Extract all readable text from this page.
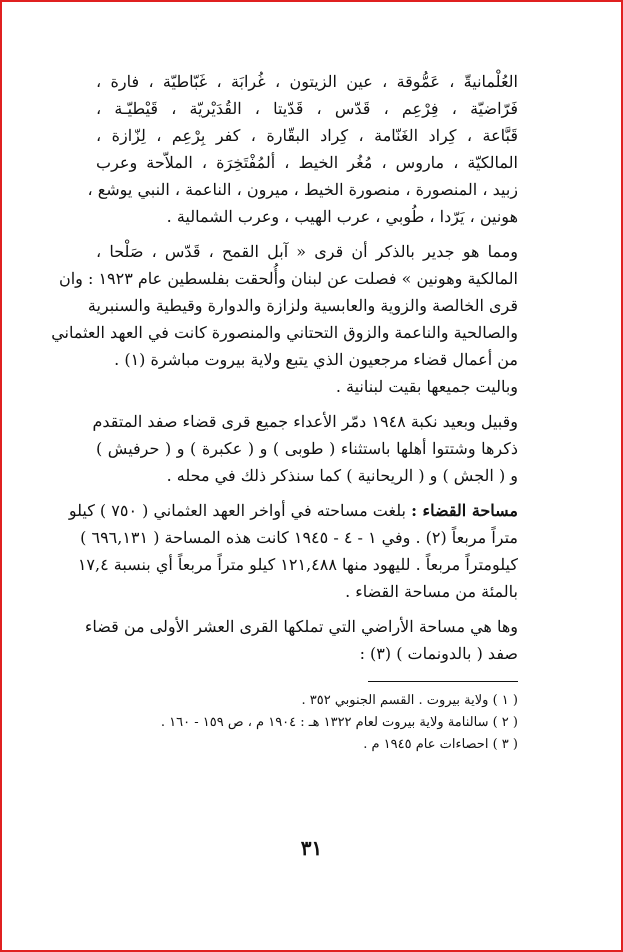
العُلْمانيةّ ، عَمُّوقة ، عين الزيتون ، غُرابَة ، غَبّاطيّة ، فارة ،
فَرّاضيّة ، فِرْعِم ، قَدّس ، قَدّيتا ، القُدَيْريّة ، قَيْطيّـة ،
قَبَّاعة ، كِراد الغَنّامة ، كِراد البقّارة ، كفر بِرْعِم ، لِزّازة ،
المالكيّة ، ماروس ، مُغُر الخيط ، ألمُفْتَخِرَة ، الملاّحة وعرب
زبيد ، المنصورة ، منصورة الخيط ، ميرون ، الناعمة ، النبي يوشع ،
هونين ، يَرّدا ، طُوبي ، عرب الهيب ، وعرب الشمالية .

ومما هو جدير بالذكر أن قرى « آبل القمح ، قَدّس ، صَلْحا ،
المالكية وهونين » فصلت عن لبنان وأُلحقت بفلسطين عام ١٩٢٣ : وان
قرى الخالصة والزوية والعابسية ولزازة والدوارة وقيطية والسنبرية
والصالحية والناعمة والزوق التحتاني والمنصورة كانت في العهد العثماني
من أعمال قضاء مرجعيون الذي يتبع ولاية بيروت مباشرة (١) .

وباليت جميعها بقيت لبنانية .

وقبيل وبعيد نكبة ١٩٤٨ دمّر الأعداء جميع قرى قضاء صفد المتقدم
ذكرها وشتتوا أهلها باستثناء ( طوبى ) و ( عكبرة ) و ( حرفيش )
و ( الجش ) و ( الريحانية ) كما سنذكر ذلك في محله .

مساحة القضاء : بلغت مساحته في أواخر العهد العثماني ( ٧٥٠ ) كيلو
متراً مربعاً (٢) . وفي ١ - ٤ - ١٩٤٥ كانت هذه المساحة ( ٦٩٦,١٣١ )
كيلومتراً مربعاً . لليهود منها ١٢١,٤٨٨ كيلو متراً مربعاً أي بنسبة ١٧,٤
بالمئة من مساحة القضاء .

وها هي مساحة الأراضي التي تملكها القرى العشر الأولى من قضاء
صفد ( بالدونمات ) (٣) :

( ١ ) ولاية بيروت . القسم الجنوبي ٣٥٢ .

( ٢ ) سالنامة ولاية بيروت لعام ١٣٢٢ هـ : ١٩٠٤ م ، ص ١٥٩ - ١٦٠ .

( ٣ ) احصاءات عام ١٩٤٥ م .

٣١
